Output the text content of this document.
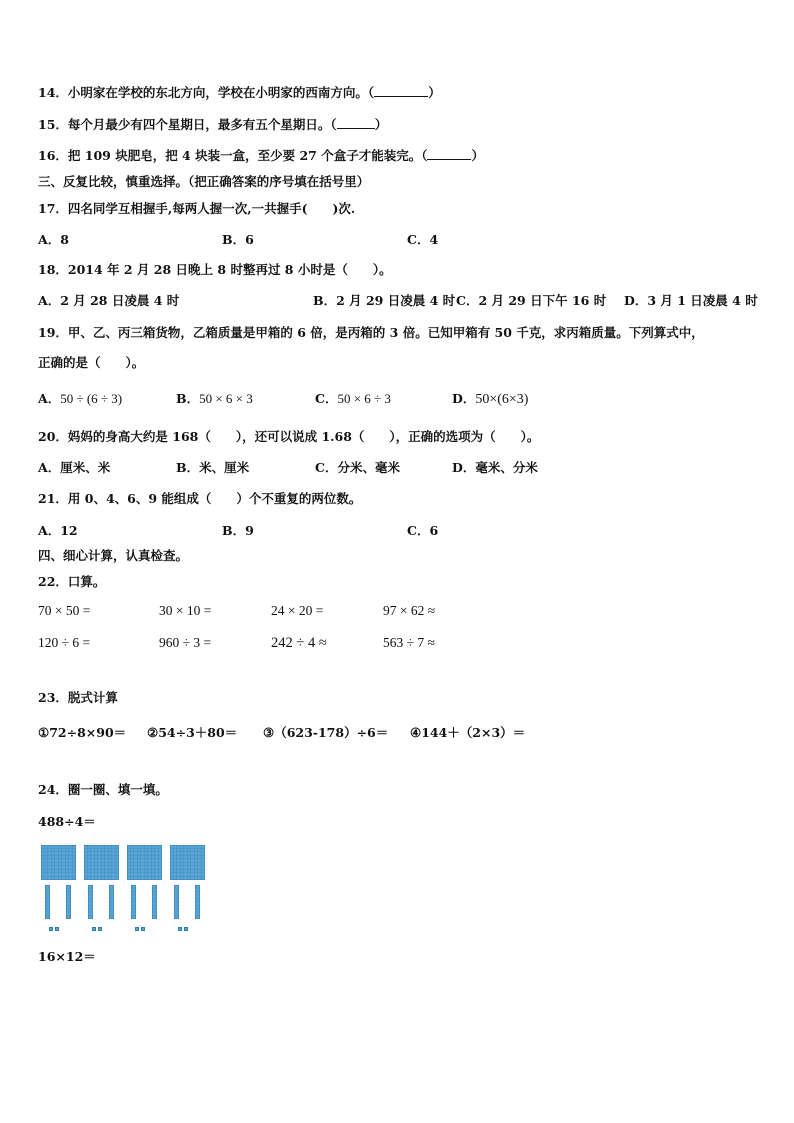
14．小明家在学校的东北方向，学校在小明家的西南方向。（	）
15．每个月最少有四个星期日，最多有五个星期日。（	）
16．把 109 块肥皂，把 4 块装一盒，至少要 27 个盒子才能装完。（	）
三、反复比较，慎重选择。（把正确答案的序号填在括号里）
17．四名同学互相握手,每两人握一次,一共握手(　　)次.
A．8	B．6	C．4
18．2014 年 2 月 28 日晚上 8 时整再过 8 小时是（　　）。
A．2 月 28 日凌晨 4 时	B．2 月 29 日凌晨 4 时 C．2 月 29 日下午 16 时 D．3 月 1 日凌晨 4 时
19．甲、乙、丙三箱货物，乙箱质量是甲箱的 6 倍，是丙箱的 3 倍。已知甲箱有 50 千克，求丙箱质量。下列算式中，
正确的是（　　）。
A．50 ÷ (6 ÷ 3)	B．50 × 6 × 3	C．50 × 6 ÷ 3	D．50×(6×3)
20．妈妈的身高大约是 168（　　），还可以说成 1.68（　　），正确的选项为（　　）。
A．厘米、米	B．米、厘米	C．分米、毫米	D．毫米、分米
21．用 0、4、6、9 能组成（　　）个不重复的两位数。
A．12	B．9	C．6
四、细心计算，认真检查。
22．口算。
70 × 50 =	30 × 10 =	24 × 20 =	97 × 62 ≈
120 ÷ 6 =	960 ÷ 3 =	242 ÷ 4 ≈	563 ÷ 7 ≈
23．脱式计算
①72÷8×90＝ ②54÷3＋80＝ ③（623-178）÷6＝ ④144＋（2×3）＝
24．圈一圈、填一填。
488÷4＝
16×12＝
